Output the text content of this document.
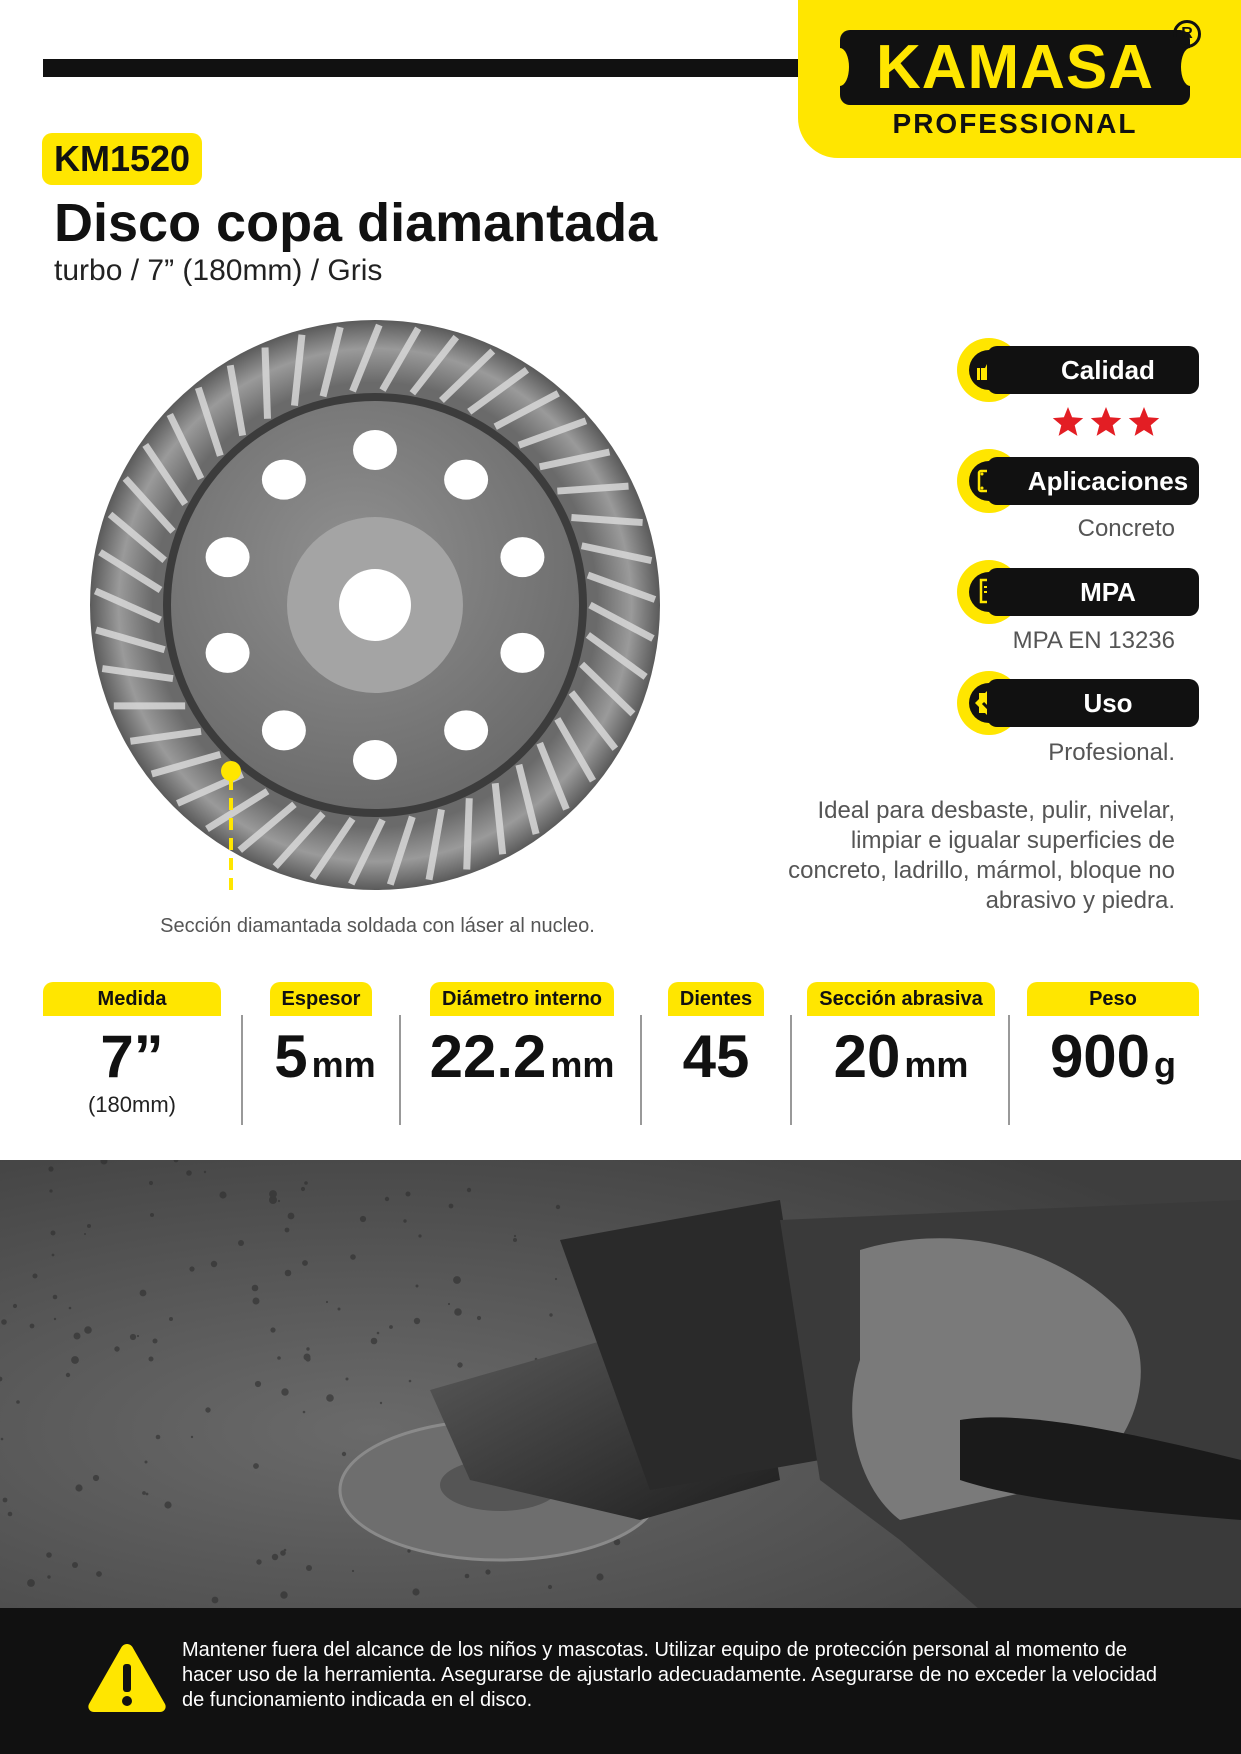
KAMASA
PROFESSIONAL
R
KM1520
Disco copa diamantada
turbo / 7” (180mm) / Gris
Sección diamantada soldada con láser al nucleo.
Calidad
Aplicaciones
Concreto
MPA
MPA EN 13236
Uso
Profesional.
Ideal para desbaste, pulir, nivelar, limpiar e igualar superficies de concreto, ladrillo, mármol, bloque no abrasivo y piedra.
Medida
7”
(180mm)
Espesor
5 mm
Diámetro interno
22.2 mm
Dientes
45
Sección abrasiva
20 mm
Peso
900 g
Mantener fuera del alcance de los niños y mascotas. Utilizar equipo de protección personal al momento de hacer uso de la herramienta. Asegurarse de ajustarlo adecuadamente. Asegurarse de no exceder la velocidad de funcionamiento indicada en el disco.
